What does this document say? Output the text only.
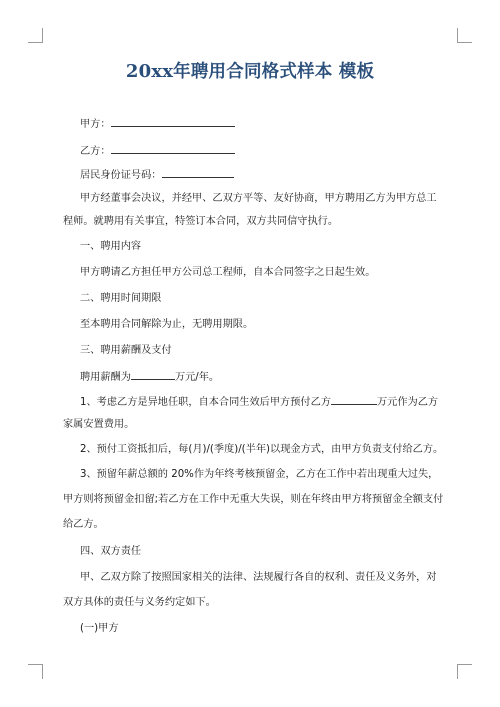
20xx年聘用合同格式样本 模板
甲方：
乙方：
居民身份证号码：
甲方经董事会决议，并经甲、乙双方平等、友好协商，甲方聘用乙方为甲方总工
程师。就聘用有关事宜，特签订本合同，双方共同信守执行。
一、聘用内容
甲方聘请乙方担任甲方公司总工程师，自本合同签字之日起生效。
二、聘用时间期限
至本聘用合同解除为止，无聘用期限。
三、聘用薪酬及支付
聘用薪酬为	万元/年。
1、考虑乙方是异地任职，自本合同生效后甲方预付乙方	万元作为乙方
家属安置费用。
2、预付工资抵扣后，每(月)/(季度)/(半年)以现金方式，由甲方负责支付给乙方。
3、预留年薪总额的 20%作为年终考核预留金，乙方在工作中若出现重大过失，
甲方则将预留金扣留;若乙方在工作中无重大失误，则在年终由甲方将预留金全额支付
给乙方。
四、双方责任
甲、乙双方除了按照国家相关的法律、法规履行各自的权利、责任及义务外，对
双方具体的责任与义务约定如下。
(一)甲方
